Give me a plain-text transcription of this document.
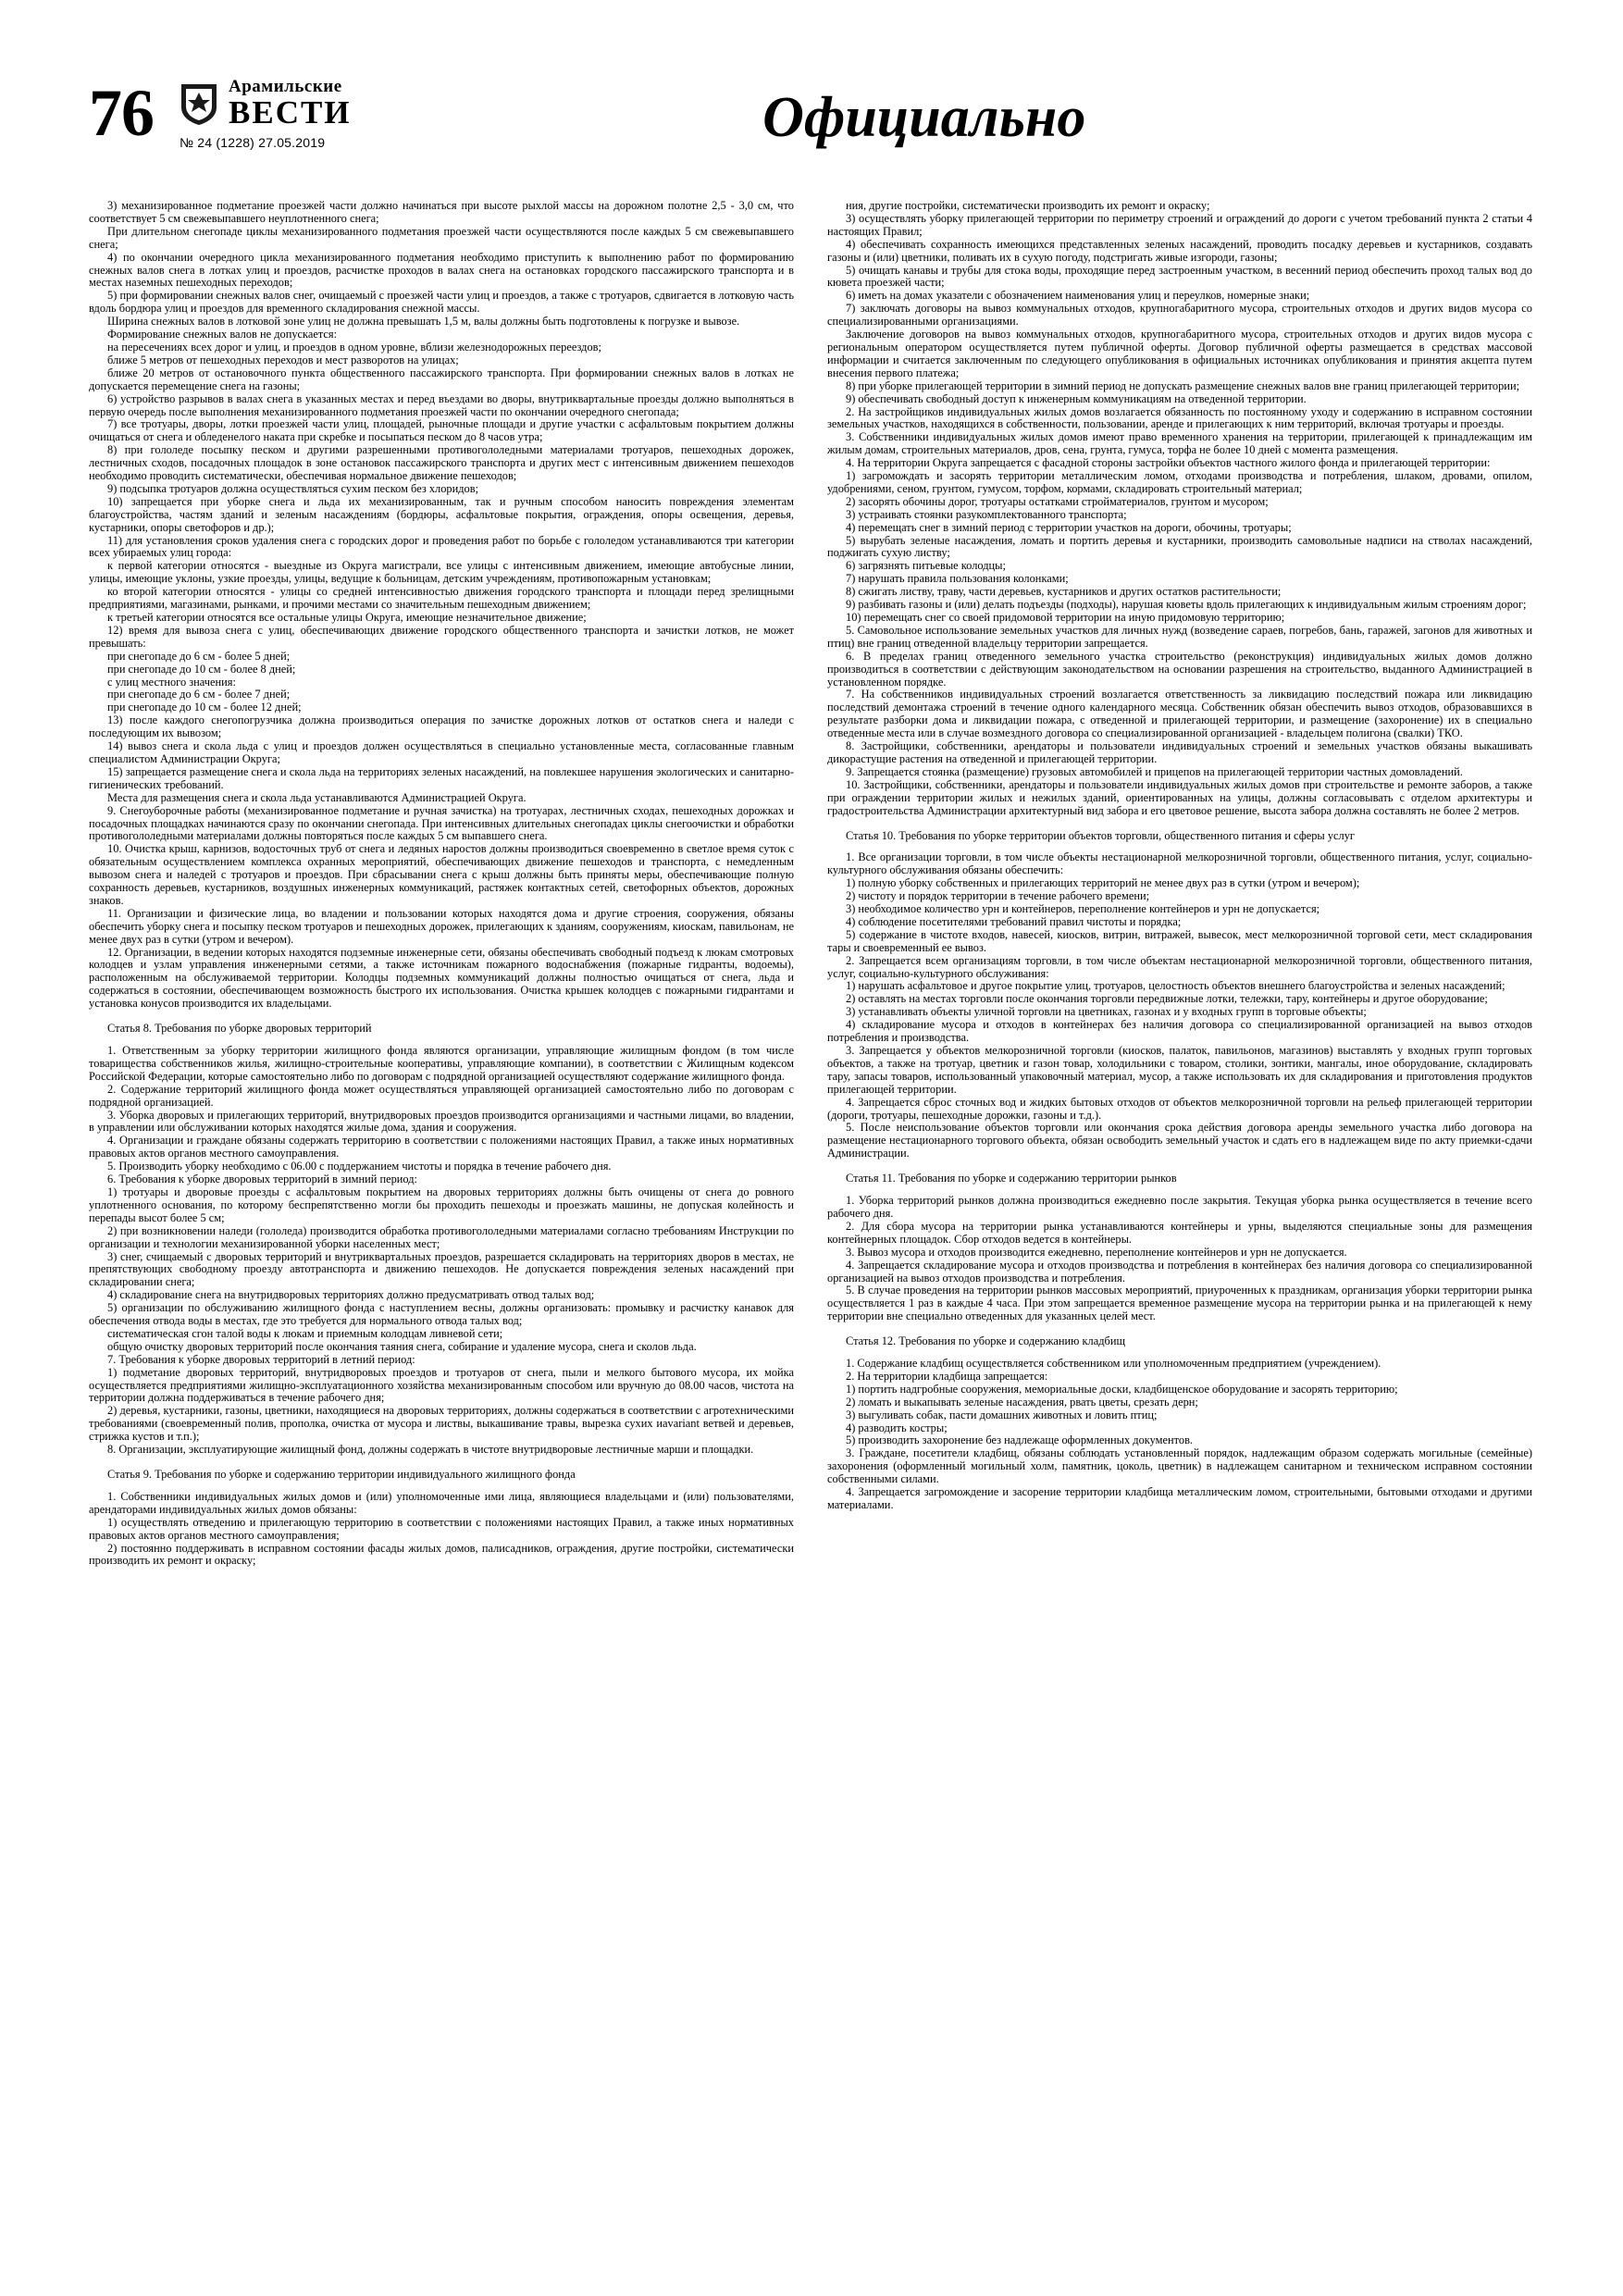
76	Арамильские
ВЕСТИ
№ 24 (1228) 27.05.2019	Официально

3) механизированное подметание проезжей части должно начинаться при высоте рыхлой массы на дорожном полотне 2,5 - 3,0 см, что соответствует 5 см свежевыпавшего неуплотненного снега;

При длительном снегопаде циклы механизированного подметания проезжей части осуществляются после каждых 5 см свежевыпавшего снега;

4) по окончании очередного цикла механизированного подметания необходимо приступить к выполнению работ по формированию снежных валов снега в лотках улиц и проездов, расчистке проходов в валах снега на остановках городского пассажирского транспорта и в местах наземных пешеходных переходов;

5) при формировании снежных валов снег, очищаемый с проезжей части улиц и проездов, а также с тротуаров, сдвигается в лотковую часть вдоль бордюра улиц и проездов для временного складирования снежной массы.

Ширина снежных валов в лотковой зоне улиц не должна превышать 1,5 м, валы должны быть подготовлены к погрузке и вывозе.

Формирование снежных валов не допускается:

на пересечениях всех дорог и улиц, и проездов в одном уровне, вблизи железнодорожных переездов;

ближе 5 метров от пешеходных переходов и мест разворотов на улицах;

ближе 20 метров от остановочного пункта общественного пассажирского транспорта. При формировании снежных валов в лотках не допускается перемещение снега на газоны;

6) устройство разрывов в валах снега в указанных местах и перед въездами во дворы, внутриквартальные проезды должно выполняться в первую очередь после выполнения механизированного подметания проезжей части по окончании очередного снегопада;

7) все тротуары, дворы, лотки проезжей части улиц, площадей, рыночные площади и другие участки с асфальтовым покрытием должны очищаться от снега и обледенелого наката при скребке и посыпаться песком до 8 часов утра;

8) при гололеде посыпку песком и другими разрешенными противогололедными материалами тротуаров, пешеходных дорожек, лестничных сходов, посадочных площадок в зоне остановок пассажирского транспорта и других мест с интенсивным движением пешеходов необходимо проводить систематически, обеспечивая нормальное движение пешеходов;

9) подсыпка тротуаров должна осуществляться сухим песком без хлоридов;

10) запрещается при уборке снега и льда их механизированным, так и ручным способом наносить повреждения элементам благоустройства, частям зданий и зеленым насаждениям (бордюры, асфальтовые покрытия, ограждения, опоры освещения, деревья, кустарники, опоры светофоров и др.);

11) для установления сроков удаления снега с городских дорог и проведения работ по борьбе с гололедом устанавливаются три категории всех убираемых улиц города:

к первой категории относятся - выездные из Округа магистрали, все улицы с интенсивным движением, имеющие автобусные линии, улицы, имеющие уклоны, узкие проезды, улицы, ведущие к больницам, детским учреждениям, противопожарным установкам;

ко второй категории относятся - улицы со средней интенсивностью движения городского транспорта и площади перед зрелищными предприятиями, магазинами, рынками, и прочими местами со значительным пешеходным движением;

к третьей категории относятся все остальные улицы Округа, имеющие незначительное движение;

12) время для вывоза снега с улиц, обеспечивающих движение городского общественного транспорта и зачистки лотков, не может превышать:

при снегопаде до 6 см - более 5 дней;

при снегопаде до 10 см - более 8 дней;

с улиц местного значения:

при снегопаде до 6 см - более 7 дней;

при снегопаде до 10 см - более 12 дней;

13) после каждого снегопогрузчика должна производиться операция по зачистке дорожных лотков от остатков снега и наледи с последующим их вывозом;

14) вывоз снега и скола льда с улиц и проездов должен осуществляться в специально установленные места, согласованные главным специалистом Администрации Округа;

15) запрещается размещение снега и скола льда на территориях зеленых насаждений, на повлекшее нарушения экологических и санитарно-гигиенических требований.

Места для размещения снега и скола льда устанавливаются Администрацией Округа.

9. Снегоуборочные работы (механизированное подметание и ручная зачистка) на тротуарах, лестничных сходах, пешеходных дорожках и посадочных площадках начинаются сразу по окончании снегопада. При интенсивных длительных снегопадах циклы снегоочистки и обработки противогололедными материалами должны повторяться после каждых 5 см выпавшего снега.

10. Очистка крыш, карнизов, водосточных труб от снега и ледяных наростов должны производиться своевременно в светлое время суток с обязательным осуществлением комплекса охранных мероприятий, обеспечивающих движение пешеходов и транспорта, с немедленным вывозом снега и наледей с тротуаров и проездов. При сбрасывании снега с крыш должны быть приняты меры, обеспечивающие полную сохранность деревьев, кустарников, воздушных инженерных коммуникаций, растяжек контактных сетей, светофорных объектов, дорожных знаков.

11. Организации и физические лица, во владении и пользовании которых находятся дома и другие строения, сооружения, обязаны обеспечить уборку снега и посыпку песком тротуаров и пешеходных дорожек, прилегающих к зданиям, сооружениям, киоскам, павильонам, не менее двух раз в сутки (утром и вечером).

12. Организации, в ведении которых находятся подземные инженерные сети, обязаны обеспечивать свободный подъезд к люкам смотровых колодцев и узлам управления инженерными сетями, а также источникам пожарного водоснабжения (пожарные гидранты, водоемы), расположенным на обслуживаемой территории. Колодцы подземных коммуникаций должны полностью очищаться от снега, льда и содержаться в состоянии, обеспечивающем возможность быстрого их использования. Очистка крышек колодцев с пожарными гидрантами и установка конусов производится их владельцами.

Статья 8. Требования по уборке дворовых территорий

1. Ответственным за уборку территории жилищного фонда являются организации, управляющие жилищным фондом (в том числе товарищества собственников жилья, жилищно-строительные кооперативы, управляющие компании), в соответствии с Жилищным кодексом Российской Федерации, которые самостоятельно либо по договорам с подрядной организацией осуществляют содержание жилищного фонда.

2. Содержание территорий жилищного фонда может осуществляться управляющей организацией самостоятельно либо по договорам с подрядной организацией.

3. Уборка дворовых и прилегающих территорий, внутридворовых проездов производится организациями и частными лицами, во владении, в управлении или обслуживании которых находятся жилые дома, здания и сооружения.

4. Организации и граждане обязаны содержать территорию в соответствии с положениями настоящих Правил, а также иных нормативных правовых актов органов местного самоуправления.

5. Производить уборку необходимо с 06.00 с поддержанием чистоты и порядка в течение рабочего дня.

6. Требования к уборке дворовых территорий в зимний период:

1) тротуары и дворовые проезды с асфальтовым покрытием на дворовых территориях должны быть очищены от снега до ровного уплотненного основания, по которому беспрепятственно могли бы проходить пешеходы и проезжать машины, не допуская колейность и перепады высот более 5 см;

2) при возникновении наледи (гололеда) производится обработка противогололедными материалами согласно требованиям Инструкции по организации и технологии механизированной уборки населенных мест;

3) снег, счищаемый с дворовых территорий и внутриквартальных проездов, разрешается складировать на территориях дворов в местах, не препятствующих свободному проезду автотранспорта и движению пешеходов. Не допускается повреждения зеленых насаждений при складировании снега;

4) складирование снега на внутридворовых территориях должно предусматривать отвод талых вод;

5) организации по обслуживанию жилищного фонда с наступлением весны, должны организовать: промывку и расчистку канавок для обеспечения отвода воды в местах, где это требуется для нормального отвода талых вод;

систематическая сгон талой воды к люкам и приемным колодцам ливневой сети;

общую очистку дворовых территорий после окончания таяния снега, собирание и удаление мусора, снега и сколов льда.

7. Требования к уборке дворовых территорий в летний период:

1) подметание дворовых территорий, внутридворовых проездов и тротуаров от снега, пыли и мелкого бытового мусора, их мойка осуществляется предприятиями жилищно-эксплуатационного хозяйства механизированным способом или вручную до 08.00 часов, чистота на территории должна поддерживаться в течение рабочего дня;

2) деревья, кустарники, газоны, цветники, находящиеся на дворовых территориях, должны содержаться в соответствии с агротехническими требованиями (своевременный полив, прополка, очистка от мусора и листвы, выкашивание травы, вырезка сухих иavariant ветвей и деревьев, стрижка кустов и т.п.);

8. Организации, эксплуатирующие жилищный фонд, должны содержать в чистоте внутридворовые лестничные марши и площадки.

Статья 9. Требования по уборке и содержанию территории индивидуального жилищного фонда

1. Собственники индивидуальных жилых домов и (или) уполномоченные ими лица, являющиеся владельцами и (или) пользователями, арендаторами индивидуальных жилых домов обязаны:

1) осуществлять отведению и прилегающую территорию в соответствии с положениями настоящих Правил, а также иных нормативных правовых актов органов местного самоуправления;

2) постоянно поддерживать в исправном состоянии фасады жилых домов, палисадников, ограждения, другие постройки, систематически производить их ремонт и окраску;

ния, другие постройки, систематически производить их ремонт и окраску;

3) осуществлять уборку прилегающей территории по периметру строений и ограждений до дороги с учетом требований пункта 2 статьи 4 настоящих Правил;

4) обеспечивать сохранность имеющихся представленных зеленых насаждений, проводить посадку деревьев и кустарников, создавать газоны и (или) цветники, поливать их в сухую погоду, подстригать живые изгороди, газоны;

5) очищать канавы и трубы для стока воды, проходящие перед застроенным участком, в весенний период обеспечить проход талых вод до кювета проезжей части;

6) иметь на домах указатели с обозначением наименования улиц и переулков, номерные знаки;

7) заключать договоры на вывоз коммунальных отходов, крупногабаритного мусора, строительных отходов и других видов мусора со специализированными организациями.

Заключение договоров на вывоз коммунальных отходов, крупногабаритного мусора, строительных отходов и других видов мусора с региональным оператором осуществляется путем публичной оферты. Договор публичной оферты размещается в средствах массовой информации и считается заключенным по следующего опубликования в официальных источниках опубликования и принятия акцепта путем внесения первого платежа;

8) при уборке прилегающей территории в зимний период не допускать размещение снежных валов вне границ прилегающей территории;

9) обеспечивать свободный доступ к инженерным коммуникациям на отведенной территории.

2. На застройщиков индивидуальных жилых домов возлагается обязанность по постоянному уходу и содержанию в исправном состоянии земельных участков, находящихся в собственности, пользовании, аренде и прилегающих к ним территорий, включая тротуары и проезды.

3. Собственники индивидуальных жилых домов имеют право временного хранения на территории, прилегающей к принадлежащим им жилым домам, строительных материалов, дров, сена, грунта, гумуса, торфа не более 10 дней с момента размещения.

4. На территории Округа запрещается с фасадной стороны застройки объектов частного жилого фонда и прилегающей территории:

1) загромождать и засорять территории металлическим ломом, отходами производства и потребления, шлаком, дровами, опилом, удобрениями, сеном, грунтом, гумусом, торфом, кормами, складировать строительный материал;

2) засорять обочины дорог, тротуары остатками стройматериалов, грунтом и мусором;

3) устраивать стоянки разукомплектованного транспорта;

4) перемещать снег в зимний период с территории участков на дороги, обочины, тротуары;

5) вырубать зеленые насаждения, ломать и портить деревья и кустарники, производить самовольные надписи на стволах насаждений, поджигать сухую листву;

6) загрязнять питьевые колодцы;

7) нарушать правила пользования колонками;

8) сжигать листву, траву, части деревьев, кустарников и других остатков растительности;

9) разбивать газоны и (или) делать подъезды (подходы), нарушая кюветы вдоль прилегающих к индивидуальным жилым строениям дорог;

10) перемещать снег со своей придомовой территории на иную придомовую территорию;

5. Самовольное использование земельных участков для личных нужд (возведение сараев, погребов, бань, гаражей, загонов для животных и птиц) вне границ отведенной владельцу территории запрещается.

6. В пределах границ отведенного земельного участка строительство (реконструкция) индивидуальных жилых домов должно производиться в соответствии с действующим законодательством на основании разрешения на строительство, выданного Администрацией в установленном порядке.

7. На собственников индивидуальных строений возлагается ответственность за ликвидацию последствий пожара или ликвидацию последствий демонтажа строений в течение одного календарного месяца. Собственник обязан обеспечить вывоз отходов, образовавшихся в результате разборки дома и ликвидации пожара, с отведенной и прилегающей территории, и размещение (захоронение) их в специально отведенные места или в случае возмездного договора со специализированной организацией - владельцем полигона (свалки) ТКО.

8. Застройщики, собственники, арендаторы и пользователи индивидуальных строений и земельных участков обязаны выкашивать дикорастущие растения на отведенной и прилегающей территории.

9. Запрещается стоянка (размещение) грузовых автомобилей и прицепов на прилегающей территории частных домовладений.

10. Застройщики, собственники, арендаторы и пользователи индивидуальных жилых домов при строительстве и ремонте заборов, а также при ограждении территории жилых и нежилых зданий, ориентированных на улицы, должны согласовывать с отделом архитектуры и градостроительства Администрации архитектурный вид забора и его цветовое решение, высота забора должна составлять не более 2 метров.

Статья 10. Требования по уборке территории объектов торговли, общественного питания и сферы услуг

1. Все организации торговли, в том числе объекты нестационарной мелкорозничной торговли, общественного питания, услуг, социально-культурного обслуживания обязаны обеспечить:

1) полную уборку собственных и прилегающих территорий не менее двух раз в сутки (утром и вечером);

2) чистоту и порядок территории в течение рабочего времени;

3) необходимое количество урн и контейнеров, переполнение контейнеров и урн не допускается;

4) соблюдение посетителями требований правил чистоты и порядка;

5) содержание в чистоте входов, навесей, киосков, витрин, витражей, вывесок, мест мелкорозничной торговой сети, мест складирования тары и своевременный ее вывоз.

2. Запрещается всем организациям торговли, в том числе объектам нестационарной мелкорозничной торговли, общественного питания, услуг, социально-культурного обслуживания:

1) нарушать асфальтовое и другое покрытие улиц, тротуаров, целостность объектов внешнего благоустройства и зеленых насаждений;

2) оставлять на местах торговли после окончания торговли передвижные лотки, тележки, тару, контейнеры и другое оборудование;

3) устанавливать объекты уличной торговли на цветниках, газонах и у входных групп в торговые объекты;

4) складирование мусора и отходов в контейнерах без наличия договора со специализированной организацией на вывоз отходов потребления и производства.

3. Запрещается у объектов мелкорозничной торговли (киосков, палаток, павильонов, магазинов) выставлять у входных групп торговых объектов, а также на тротуар, цветник и газон товар, холодильники с товаром, столики, зонтики, мангалы, иное оборудование, складировать тару, запасы товаров, использованный упаковочный материал, мусор, а также использовать их для складирования и приготовления продуктов прилегающей территории.

4. Запрещается сброс сточных вод и жидких бытовых отходов от объектов мелкорозничной торговли на рельеф прилегающей территории (дороги, тротуары, пешеходные дорожки, газоны и т.д.).

5. После неиспользование объектов торговли или окончания срока действия договора аренды земельного участка либо договора на размещение нестационарного торгового объекта, обязан освободить земельный участок и сдать его в надлежащем виде по акту приемки-сдачи Администрации.

Статья 11. Требования по уборке и содержанию территории рынков

1. Уборка территорий рынков должна производиться ежедневно после закрытия. Текущая уборка рынка осуществляется в течение всего рабочего дня.

2. Для сбора мусора на территории рынка устанавливаются контейнеры и урны, выделяются специальные зоны для размещения контейнерных площадок. Сбор отходов ведется в контейнеры.

3. Вывоз мусора и отходов производится ежедневно, переполнение контейнеров и урн не допускается.

4. Запрещается складирование мусора и отходов производства и потребления в контейнерах без наличия договора со специализированной организацией на вывоз отходов производства и потребления.

5. В случае проведения на территории рынков массовых мероприятий, приуроченных к праздникам, организация уборки территории рынка осуществляется 1 раз в каждые 4 часа. При этом запрещается временное размещение мусора на территории рынка и на прилегающей к нему территории вне специально отведенных для указанных целей мест.

Статья 12. Требования по уборке и содержанию кладбищ

1. Содержание кладбищ осуществляется собственником или уполномоченным предприятием (учреждением).

2. На территории кладбища запрещается:

1) портить надгробные сооружения, мемориальные доски, кладбищенское оборудование и засорять территорию;

2) ломать и выкапывать зеленые насаждения, рвать цветы, срезать дерн;

3) выгуливать собак, пасти домашних животных и ловить птиц;

4) разводить костры;

5) производить захоронение без надлежаще оформленных документов.

3. Граждане, посетители кладбищ, обязаны соблюдать установленный порядок, надлежащим образом содержать могильные (семейные) захоронения (оформленный могильный холм, памятник, цоколь, цветник) в надлежащем санитарном и техническом исправном состоянии собственными силами.

4. Запрещается загромождение и засорение территории кладбища металлическим ломом, строительными, бытовыми отходами и другими материалами.
